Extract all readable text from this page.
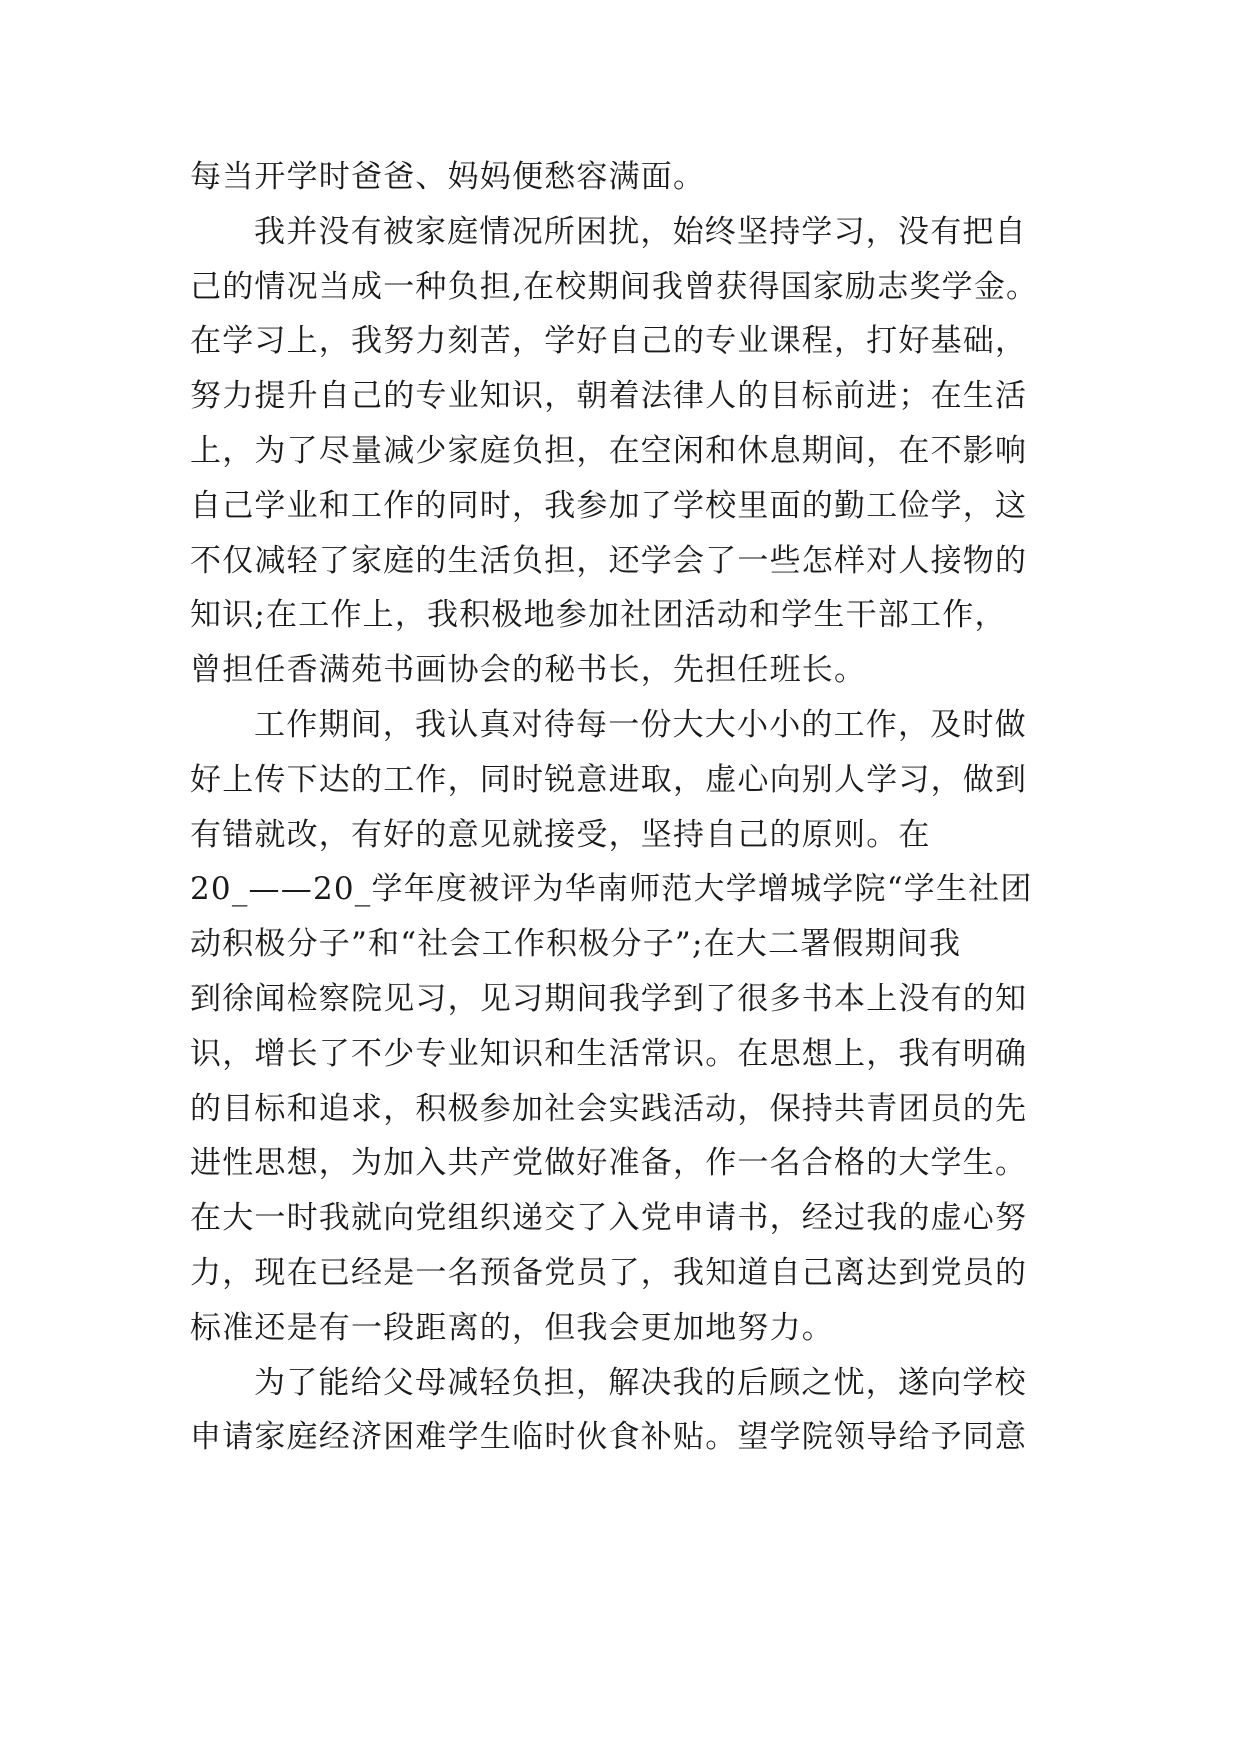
每当开学时爸爸、妈妈便愁容满面。
我并没有被家庭情况所困扰，始终坚持学习，没有把自
己的情况当成一种负担,在校期间我曾获得国家励志奖学金。
在学习上，我努力刻苦，学好自己的专业课程，打好基础，
努力提升自己的专业知识，朝着法律人的目标前进；在生活
上，为了尽量减少家庭负担，在空闲和休息期间，在不影响
自己学业和工作的同时，我参加了学校里面的勤工俭学，这
不仅减轻了家庭的生活负担，还学会了一些怎样对人接物的
知识;在工作上，我积极地参加社团活动和学生干部工作，
曾担任香满苑书画协会的秘书长，先担任班长。
工作期间，我认真对待每一份大大小小的工作，及时做
好上传下达的工作，同时锐意进取，虚心向别人学习，做到
有错就改，有好的意见就接受，坚持自己的原则。在
20_——20_学年度被评为华南师范大学增城学院“学生社团
动积极分子”和“社会工作积极分子”;在大二署假期间我
到徐闻检察院见习，见习期间我学到了很多书本上没有的知
识，增长了不少专业知识和生活常识。在思想上，我有明确
的目标和追求，积极参加社会实践活动，保持共青团员的先
进性思想，为加入共产党做好准备，作一名合格的大学生。
在大一时我就向党组织递交了入党申请书，经过我的虚心努
力，现在已经是一名预备党员了，我知道自己离达到党员的
标准还是有一段距离的，但我会更加地努力。
为了能给父母减轻负担，解决我的后顾之忧，遂向学校
申请家庭经济困难学生临时伙食补贴。望学院领导给予同意
